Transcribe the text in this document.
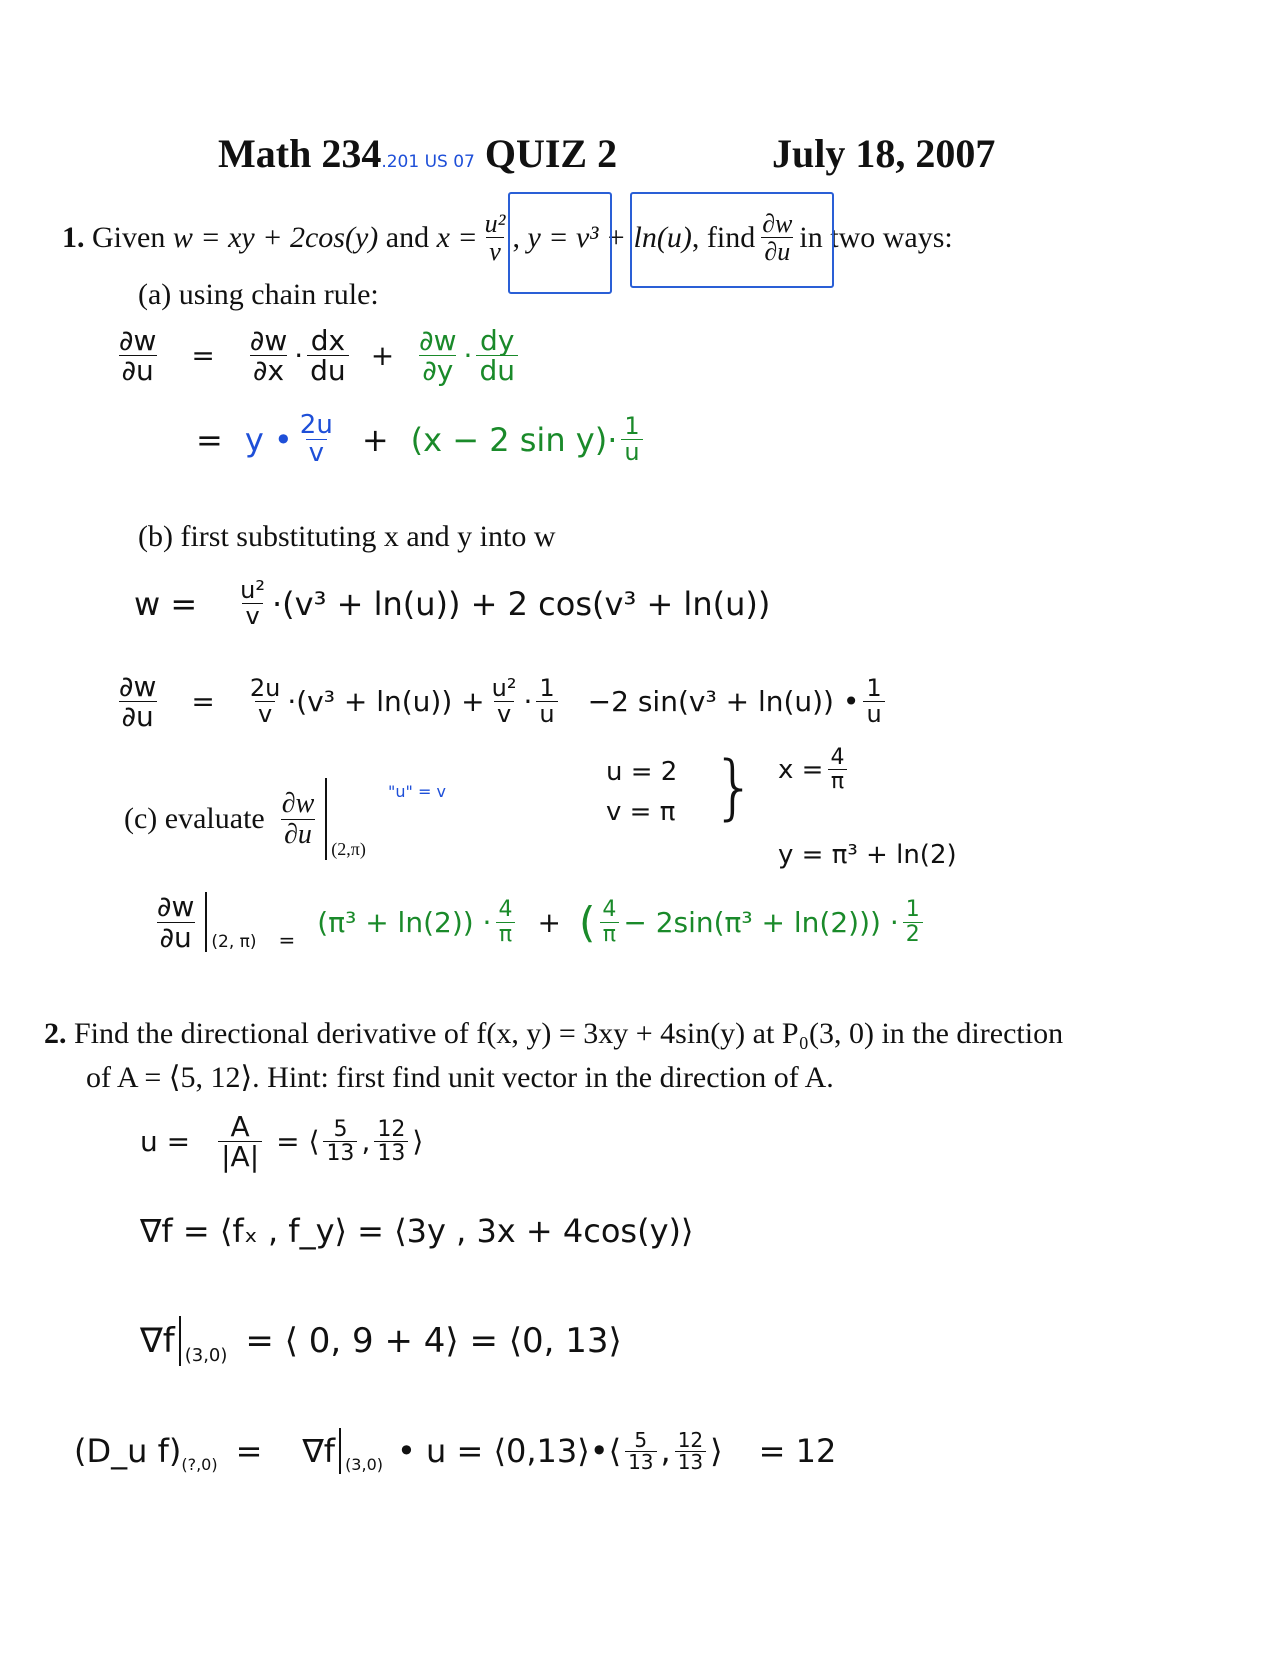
Math 234.201 US 07 QUIZ 2	July 18, 2007
1.
Given
w = xy + 2cos(y)
and
$x = \frac{\text{u²}}{v}$ , y = v³ + ln(u) , find $\frac{\partial w}{\partial u}$ in two ways:
(a) using chain rule:
$\frac{\partial w}{\partial u} = \frac{\partial w}{\partial x} \cdot \frac{dx}{du} + \frac{\partial w}{\partial y} \cdot \frac{dy}{du}$
= y • $\frac{2u}{v} + (x - 2$ $\sin y)\cdot \frac{1}{u}$
(b) first substituting x and y into w
$w = \frac{\text{u²}}{v} \cdot(v^3 + \ln(u)) + 2$ cos(v³ + ln(u))
$\frac{\partial w}{\partial u} = \frac{2u}{v} \cdot(v^3 + \ln(u)) + \frac{\text{u²}}{v} \cdot \frac{1}{u} -2$ sin(v³ + ln(u)) • $\frac{1}{u}$
(c) evaluate $\frac{\partial w}{\partial u}$
(2,π)
"u" = v
u = 2
v = π } $x = \frac{4}{\pi}$
y = π³ + ln(2)
$\frac{\partial w}{\partial u} (2$, π) =
$(\pi^3 + \ln(2)) \cdot \frac{4}{\pi}$ + ( $\frac{4}{\pi} - 2\sin(\pi^3 + \ln(2))) \cdot \frac{1}{2}$
2. Find the directional derivative of f(x, y) = 3xy + 4sin(y) at P₀(3, 0) in the direction
of A = ⟨5, 12⟩. Hint: first find unit vector in the direction of A.
$u = \frac{A}{|A|}$ = ⟨ $\frac{5}{13}$ , $\frac{12}{13}$ ⟩
∇f = ⟨fₓ , f_y⟩ = ⟨3y , 3x + 4cos(y)⟩
∇f (3,0) = ⟨ 0, 9 + 4⟩ = ⟨0, 13⟩
(D_u f) (?,0) = ∇f (3,0) • u = ⟨0,13⟩•⟨ $\frac{5}{13}$ , $\frac{12}{13}$ ⟩ = 12
